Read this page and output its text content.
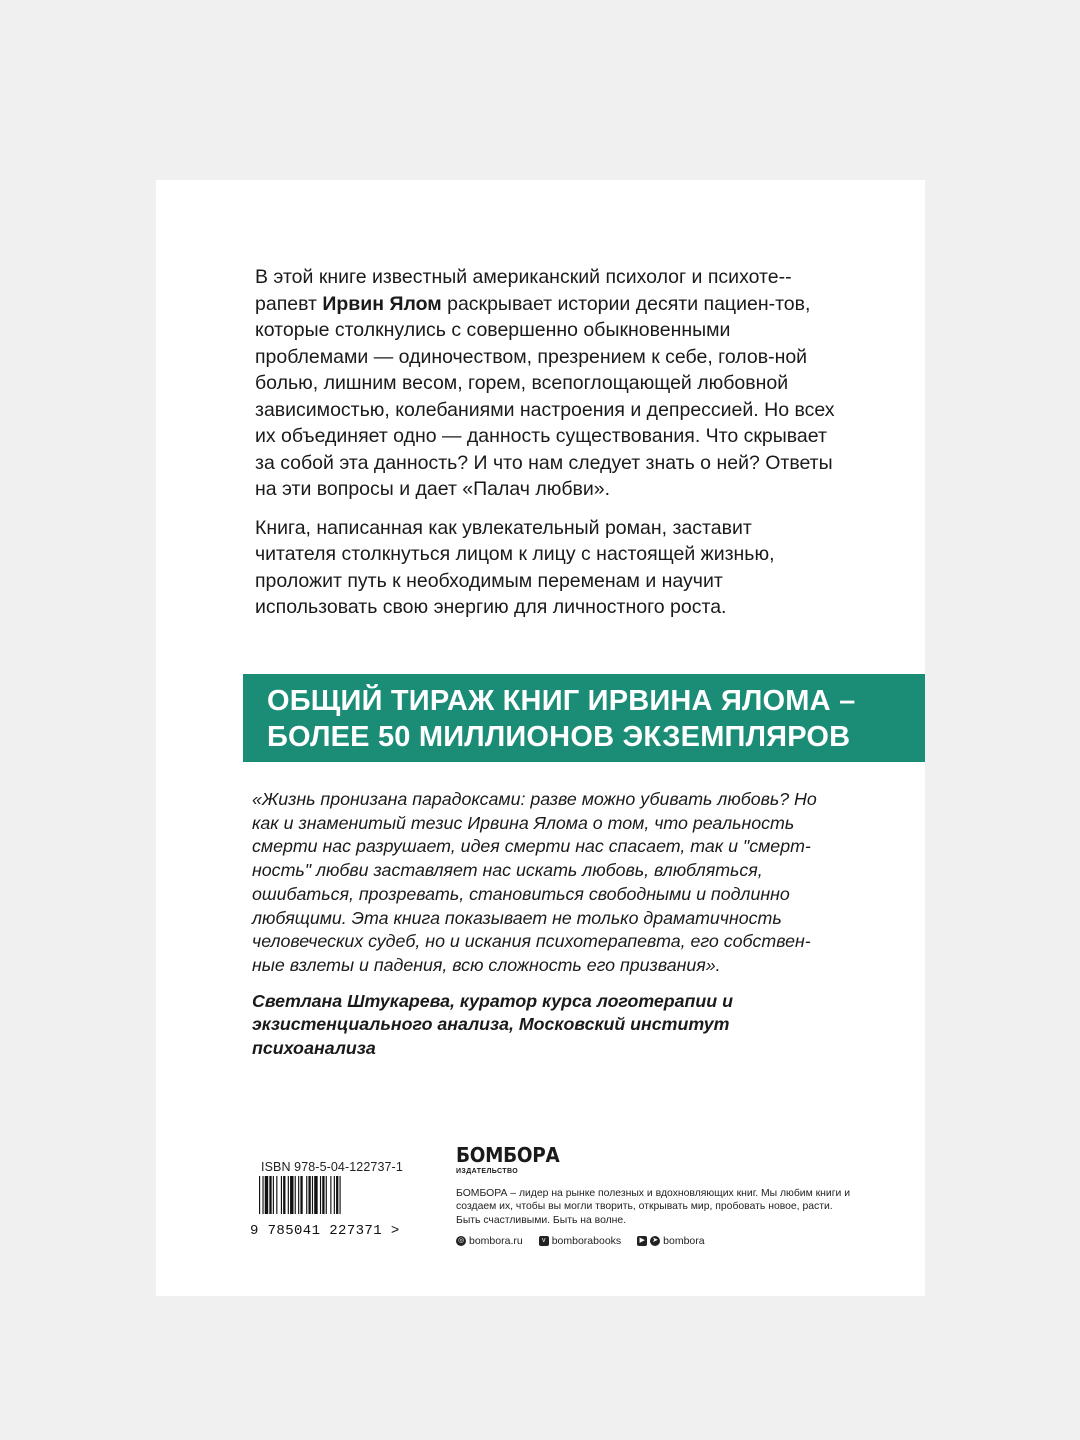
В этой книге известный американский психолог и психоте-рапевт Ирвин Ялом раскрывает истории десяти пациен-тов, которые столкнулись с совершенно обыкновенными проблемами — одиночеством, презрением к себе, голов-ной болью, лишним весом, горем, всепоглощающей любовной зависимостью, колебаниями настроения и депрессией. Но всех их объединяет одно — данность существования. Что скрывает за собой эта данность? И что нам следует знать о ней? Ответы на эти вопросы и дает «Палач любви».

Книга, написанная как увлекательный роман, заставит читателя столкнуться лицом к лицу с настоящей жизнью, проложит путь к необходимым переменам и научит использовать свою энергию для личностного роста.

ОБЩИЙ ТИРАЖ КНИГ ИРВИНА ЯЛОМА –
БОЛЕЕ 50 МИЛЛИОНОВ ЭКЗЕМПЛЯРОВ
«Жизнь пронизана парадоксами: разве можно убивать любовь? Но как и знаменитый тезис Ирвина Ялома о том, что реальность смерти нас разрушает, идея смерти нас спасает, так и "смерт-ность" любви заставляет нас искать любовь, влюбляться, ошибаться, прозревать, становиться свободными и подлинно любящими. Эта книга показывает не только драматичность человеческих судеб, но и искания психотерапевта, его собствен-ные взлеты и падения, всю сложность его призвания».
Светлана Штукарева, куратор курса логотерапии и экзистенциального анализа, Московский институт психоанализа
ISBN 978-5-04-122737-1
9 785041 227371 >
БОМБОРА
ИЗДАТЕЛЬСТВО
БОМБОРА – лидер на рынке полезных и вдохновляющих книг. Мы любим книги и создаем их, чтобы вы могли творить, открывать мир, пробовать новое, расти. Быть счастливыми. Быть на волне.
◎ bombora.ru	v bomborabooks	▶	➤ bombora
